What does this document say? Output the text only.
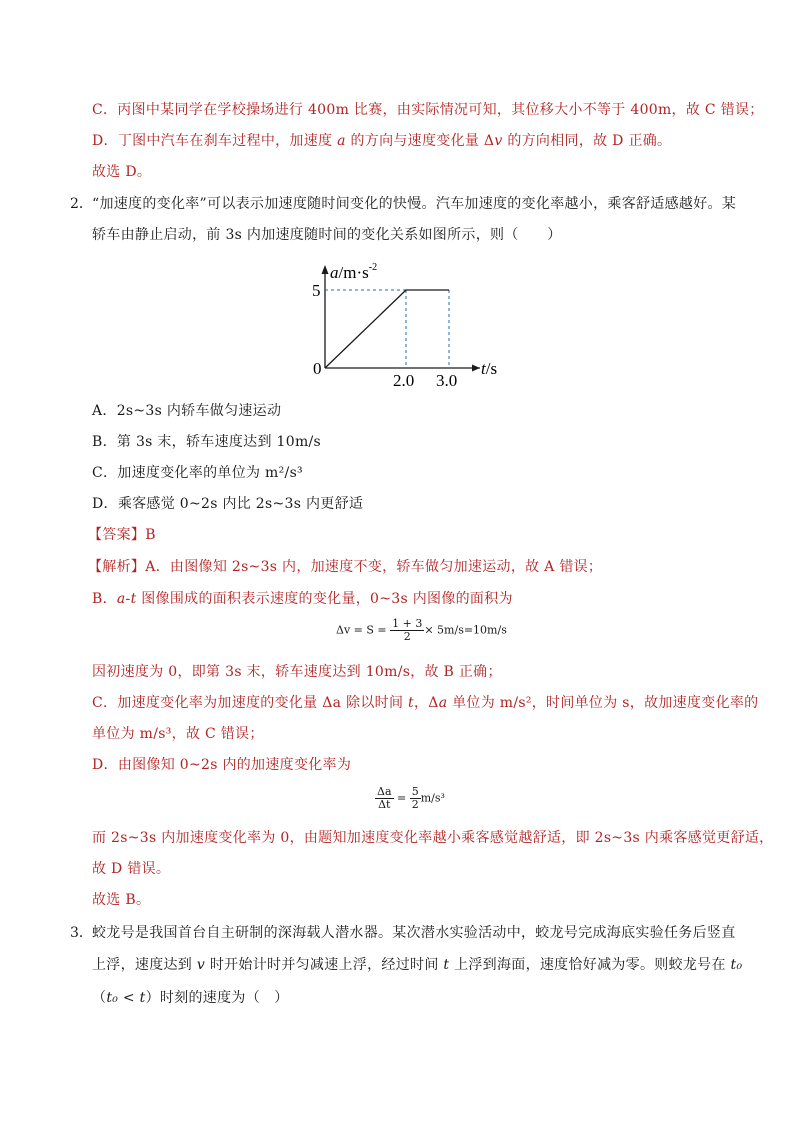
C．丙图中某同学在学校操场进行 400m 比赛，由实际情况可知，其位移大小不等于 400m，故 C 错误；
D．丁图中汽车在刹车过程中，加速度 a 的方向与速度变化量 Δv 的方向相同，故 D 正确。
故选 D。
2． “加速度的变化率”可以表示加速度随时间变化的快慢。汽车加速度的变化率越小，乘客舒适感越好。某
轿车由静止启动，前 3s 内加速度随时间的变化关系如图所示，则（　　）
$a/m\cdot s^{-2}$
5
0
2.0 3.0
t/s
A．2s~3s 内轿车做匀速运动
B．第 3s 末，轿车速度达到 10m/s
C．加速度变化率的单位为 m²/s³
D．乘客感觉 0~2s 内比 2s~3s 内更舒适
【答案】B
【解析】A．由图像知 2s~3s 内，加速度不变，轿车做匀加速运动，故 A 错误；
B．a-t 图像围成的面积表示速度的变化量，0~3s 内图像的面积为
$\Delta v = S = \frac{1 + 3}{2} \times 5m/s=10m/s$
因初速度为 0，即第 3s 末，轿车速度达到 10m/s，故 B 正确；
C．加速度变化率为加速度的变化量 Δa 除以时间 t，Δa 单位为 m/s²，时间单位为 s，故加速度变化率的
单位为 m/s³，故 C 错误；
D．由图像知 0~2s 内的加速度变化率为
$\frac{\Delta a}{\Delta t} = \frac{5}{2} m/s^3$
而 2s~3s 内加速度变化率为 0，由题知加速度变化率越小乘客感觉越舒适，即 2s~3s 内乘客感觉更舒适，
故 D 错误。
故选 B。
3． 蛟龙号是我国首台自主研制的深海载人潜水器。某次潜水实验活动中，蛟龙号完成海底实验任务后竖直
上浮，速度达到 v 时开始计时并匀减速上浮，经过时间 t 上浮到海面，速度恰好减为零。则蛟龙号在 t₀
（t₀ < t）时刻的速度为（　）
